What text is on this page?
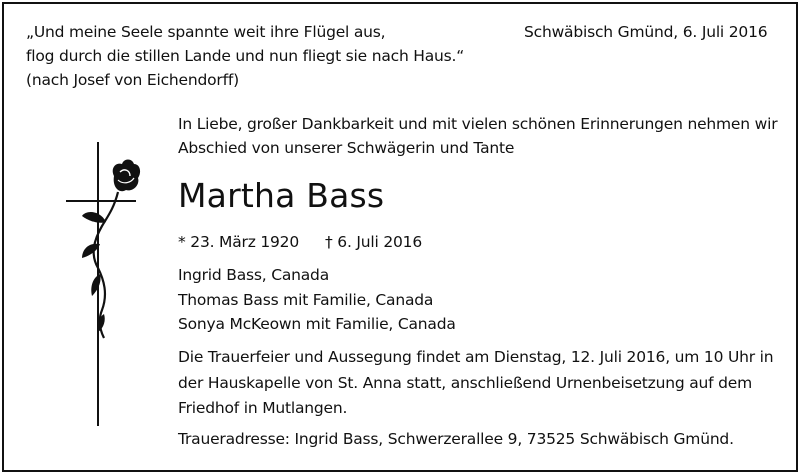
„Und meine Seele spannte weit ihre Flügel aus,
flog durch die stillen Lande und nun fliegt sie nach Haus.“
(nach Josef von Eichendorff)
Schwäbisch Gmünd, 6. Juli 2016
In Liebe, großer Dankbarkeit und mit vielen schönen Erinnerungen nehmen wir
Abschied von unserer Schwägerin und Tante
Martha Bass
* 23. März 1920 † 6. Juli 2016
Ingrid Bass, Canada
Thomas Bass mit Familie, Canada
Sonya McKeown mit Familie, Canada
Die Trauerfeier und Aussegung findet am Dienstag, 12. Juli 2016, um 10 Uhr in
der Hauskapelle von St. Anna statt, anschließend Urnenbeisetzung auf dem
Friedhof in Mutlangen.
Traueradresse: Ingrid Bass, Schwerzerallee 9, 73525 Schwäbisch Gmünd.
